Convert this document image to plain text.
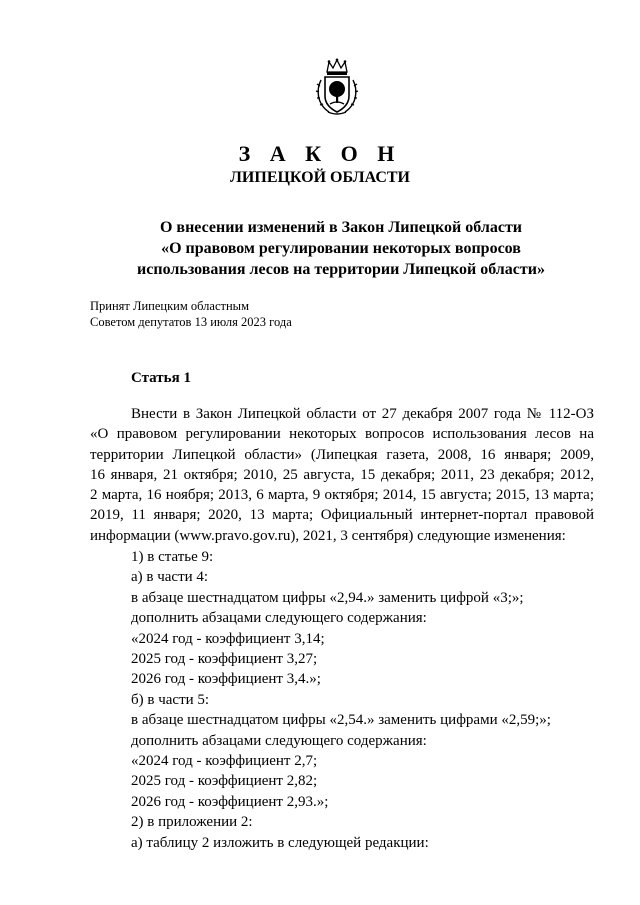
З А К О Н
ЛИПЕЦКОЙ ОБЛАСТИ
О внесении изменений в Закон Липецкой области
«О правовом регулировании некоторых вопросов
использования лесов на территории Липецкой области»
Принят Липецким областным
Советом депутатов 13 июля 2023 года
Статья 1
Внести в Закон Липецкой области от 27 декабря 2007 года № 112-ОЗ
«О правовом регулировании некоторых вопросов использования лесов на
территории Липецкой области» (Липецкая газета, 2008, 16 января; 2009,
16 января, 21 октября; 2010, 25 августа, 15 декабря; 2011, 23 декабря; 2012,
2 марта, 16 ноября; 2013, 6 марта, 9 октября; 2014, 15 августа; 2015, 13 марта;
2019, 11 января; 2020, 13 марта; Официальный интернет-портал правовой
информации (www.pravo.gov.ru), 2021, 3 сентября) следующие изменения:
1) в статье 9:
а) в части 4:
в абзаце шестнадцатом цифры «2,94.» заменить цифрой «3;»;
дополнить абзацами следующего содержания:
«2024 год - коэффициент 3,14;
2025 год - коэффициент 3,27;
2026 год - коэффициент 3,4.»;
б) в части 5:
в абзаце шестнадцатом цифры «2,54.» заменить цифрами «2,59;»;
дополнить абзацами следующего содержания:
«2024 год - коэффициент 2,7;
2025 год - коэффициент 2,82;
2026 год - коэффициент 2,93.»;
2) в приложении 2:
а) таблицу 2 изложить в следующей редакции:
